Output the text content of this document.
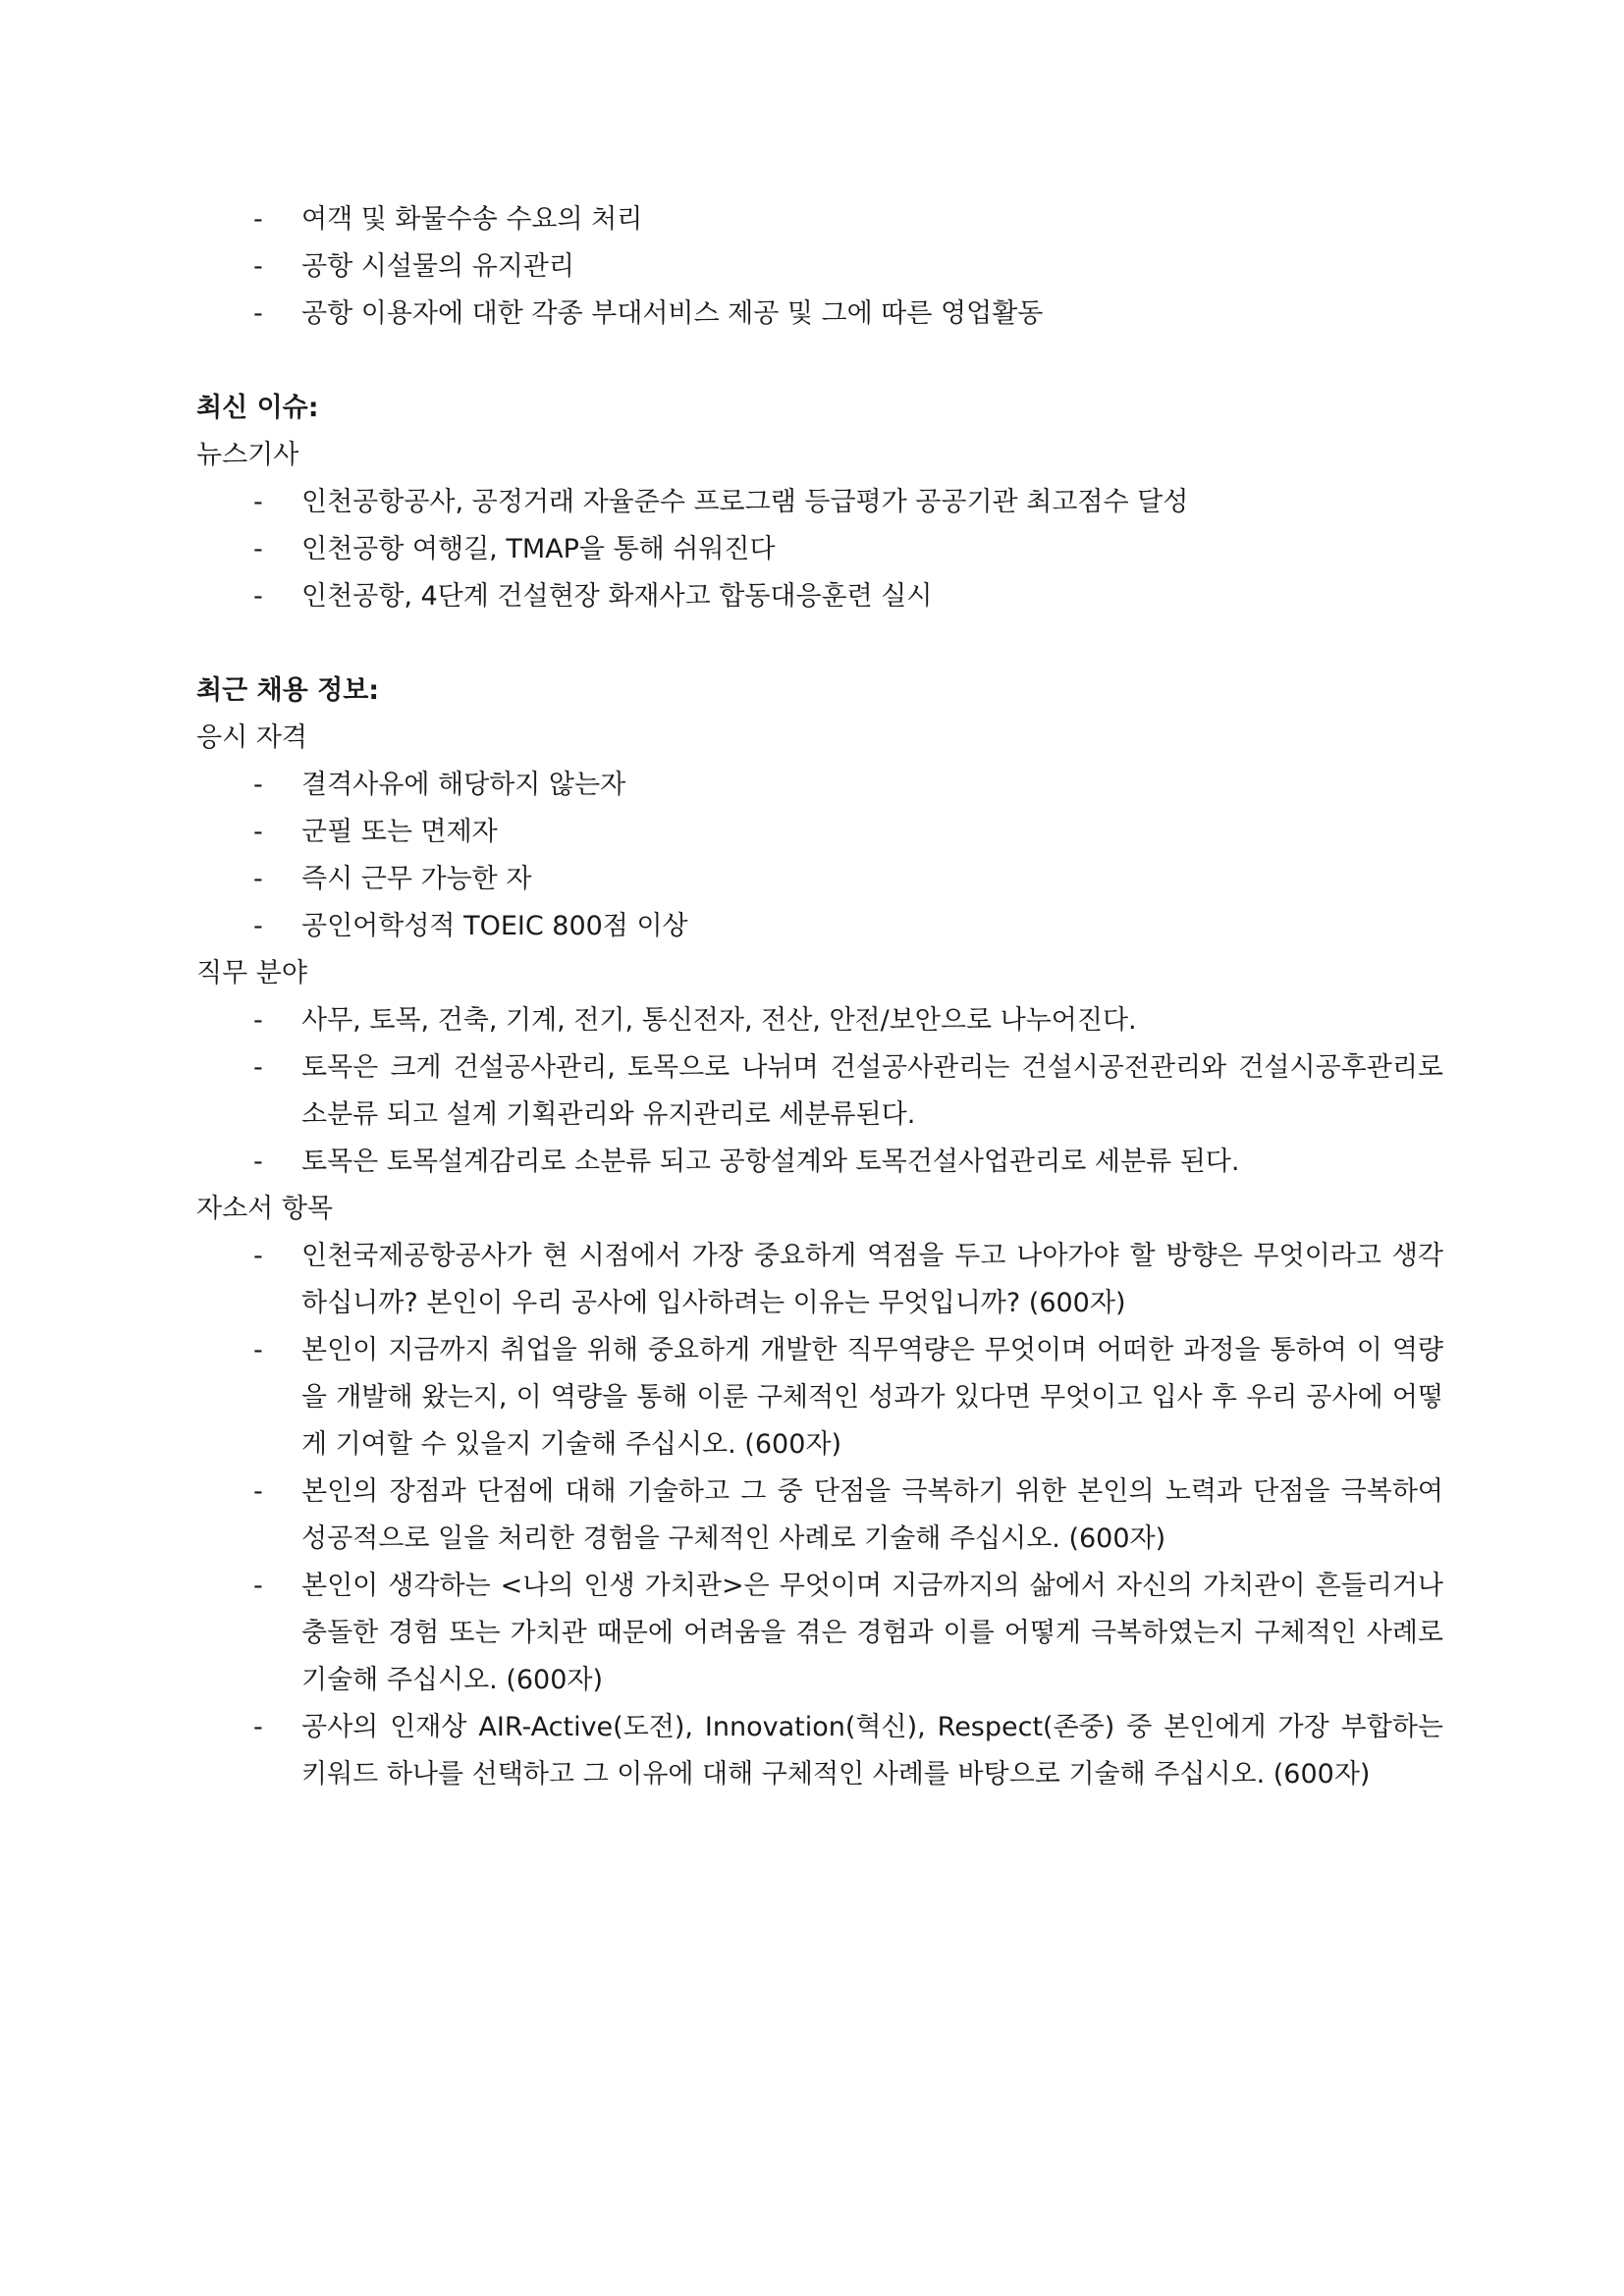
- 여객 및 화물수송 수요의 처리
- 공항 시설물의 유지관리
- 공항 이용자에 대한 각종 부대서비스 제공 및 그에 따른 영업활동

최신 이슈:

뉴스기사

- 인천공항공사, 공정거래 자율준수 프로그램 등급평가 공공기관 최고점수 달성
- 인천공항 여행길, TMAP을 통해 쉬워진다
- 인천공항, 4단계 건설현장 화재사고 합동대응훈련 실시

최근 채용 정보:

응시 자격

- 결격사유에 해당하지 않는자
- 군필 또는 면제자
- 즉시 근무 가능한 자
- 공인어학성적 TOEIC 800점 이상

직무 분야

- 사무, 토목, 건축, 기계, 전기, 통신전자, 전산, 안전/보안으로 나누어진다.
- 토목은 크게 건설공사관리, 토목으로 나뉘며 건설공사관리는 건설시공전관리와 건설시공후관리로 소분류 되고 설계 기획관리와 유지관리로 세분류된다.
- 토목은 토목설계감리로 소분류 되고 공항설계와 토목건설사업관리로 세분류 된다.

자소서 항목

- 인천국제공항공사가 현 시점에서 가장 중요하게 역점을 두고 나아가야 할 방향은 무엇이라고 생각하십니까? 본인이 우리 공사에 입사하려는 이유는 무엇입니까? (600자)
- 본인이 지금까지 취업을 위해 중요하게 개발한 직무역량은 무엇이며 어떠한 과정을 통하여 이 역량을 개발해 왔는지, 이 역량을 통해 이룬 구체적인 성과가 있다면 무엇이고 입사 후 우리 공사에 어떻게 기여할 수 있을지 기술해 주십시오. (600자)
- 본인의 장점과 단점에 대해 기술하고 그 중 단점을 극복하기 위한 본인의 노력과 단점을 극복하여 성공적으로 일을 처리한 경험을 구체적인 사례로 기술해 주십시오. (600자)
- 본인이 생각하는 <나의 인생 가치관>은 무엇이며 지금까지의 삶에서 자신의 가치관이 흔들리거나 충돌한 경험 또는 가치관 때문에 어려움을 겪은 경험과 이를 어떻게 극복하였는지 구체적인 사례로 기술해 주십시오. (600자)
- 공사의 인재상 AIR-Active(도전), Innovation(혁신), Respect(존중) 중 본인에게 가장 부합하는 키워드 하나를 선택하고 그 이유에 대해 구체적인 사례를 바탕으로 기술해 주십시오. (600자)
